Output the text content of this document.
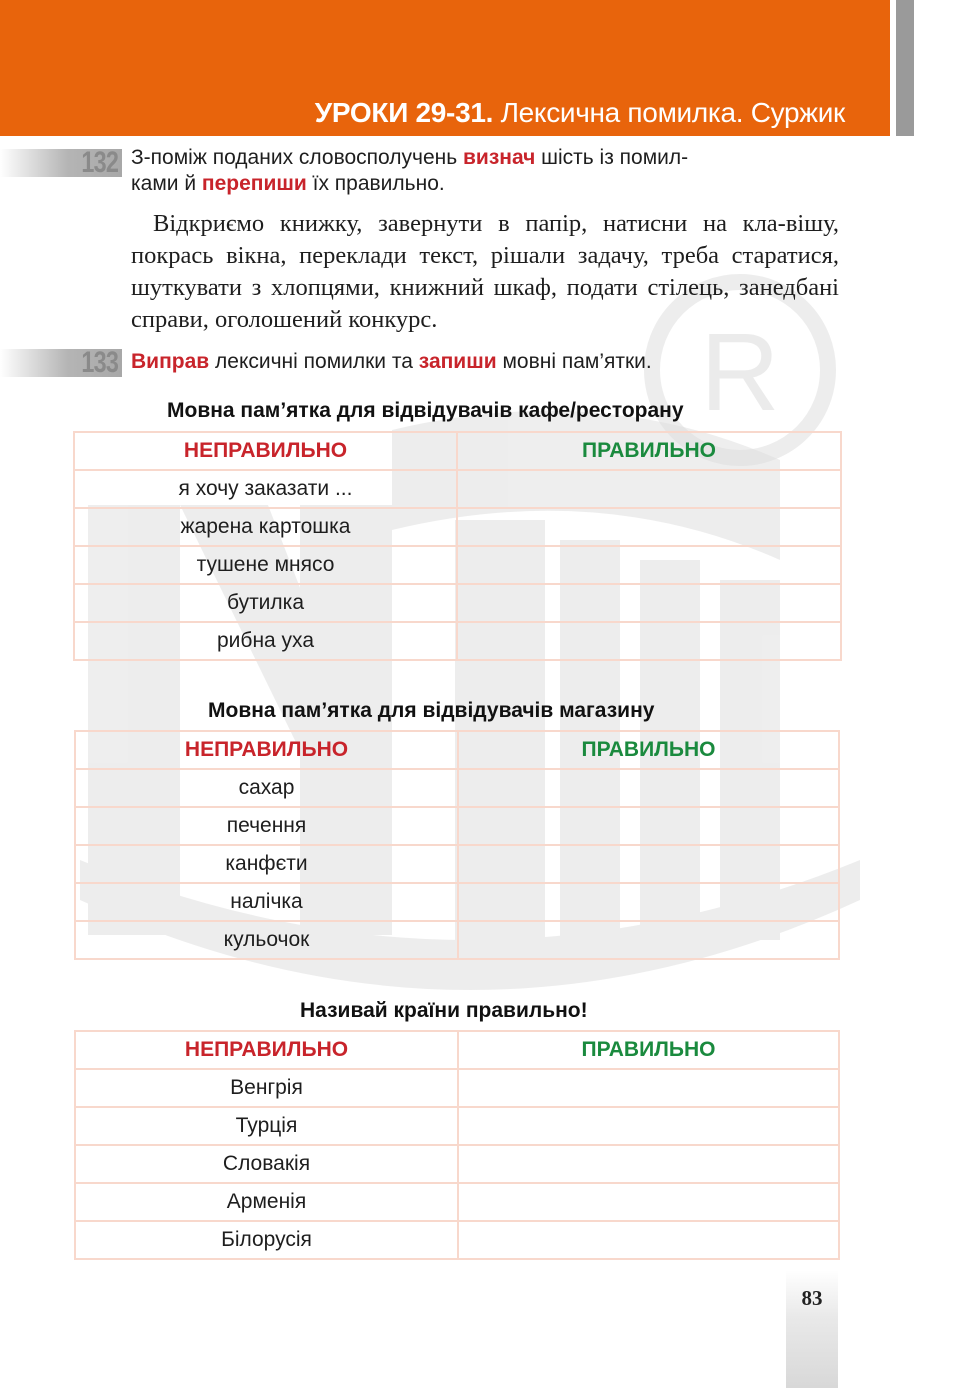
R
УРОКИ 29-31. Лексична помилка. Суржик
132 З-поміж поданих словосполучень визнач шість із помил-
ками й перепиши їх правильно.
Відкриємо книжку, завернути в папір, натисни на кла-вішу, покрась вікна, переклади текст, рішали задачу, треба старатися, шуткувати з хлопцями, книжний шкаф, подати стілець, занедбані справи, оголошений конкурс.
133 Виправ лексичні помилки та запиши мовні пам’ятки.
Мовна пам’ятка для відвідувачів кафе/ресторану
НЕПРАВИЛЬНО	ПРАВИЛЬНО
я хочу заказати ...	
жарена картошка	
тушене мнясо	
бутилка	
рибна уха	
Мовна пам’ятка для відвідувачів магазину
НЕПРАВИЛЬНО	ПРАВИЛЬНО
сахар	
печення	
канфєти	
налічка	
кульочок	
Називай країни правильно!
НЕПРАВИЛЬНО	ПРАВИЛЬНО
Венгрія	
Турція	
Словакія	
Арменія	
Білорусія	
83
